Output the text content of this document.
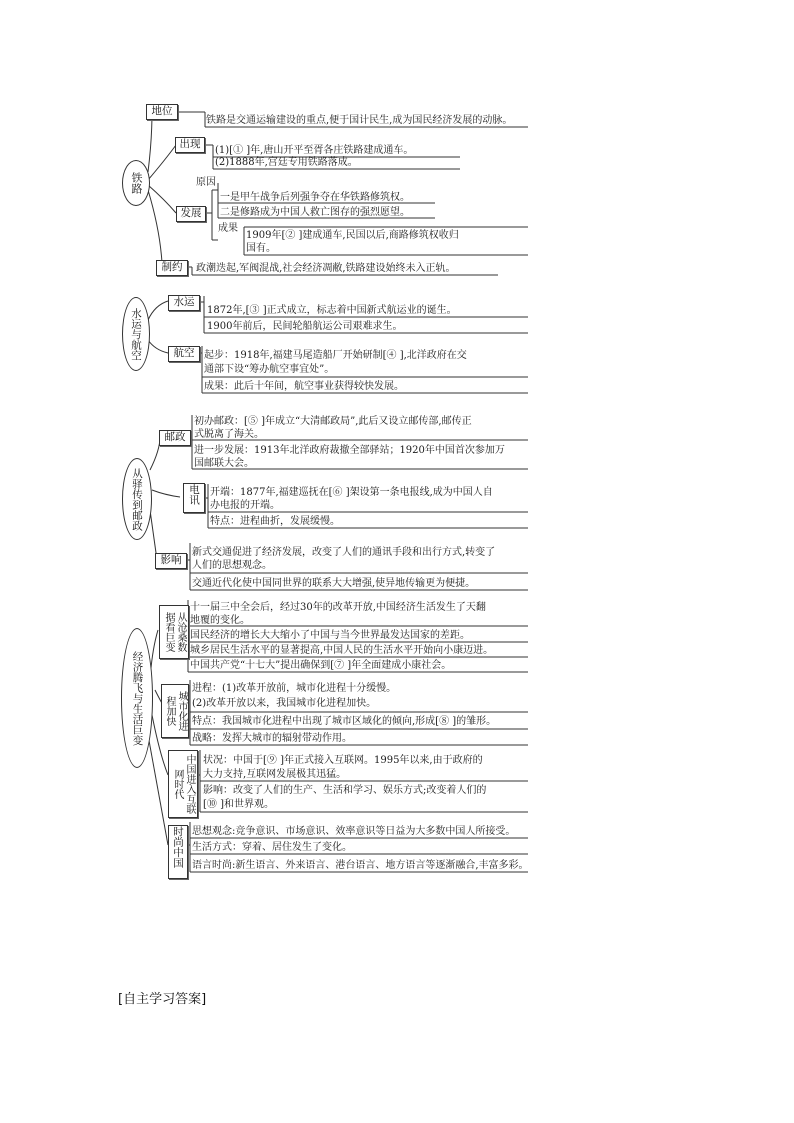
铁路
地位
铁路是交通运输建设的重点,便于国计民生,成为国民经济发展的动脉。
出现
(1)[① ]年,唐山开平至胥各庄铁路建成通车。
(2)1888年,宫廷专用铁路落成。
发展
原因
一是甲午战争后列强争夺在华铁路修筑权。
二是修路成为中国人救亡图存的强烈愿望。
成果
1909年[② ]建成通车,民国以后,商路修筑权收归
国有。
制约	政潮迭起,军阀混战,社会经济凋敝,铁路建设始终未入正轨。
水运与航空
水运
1872年,[③ ]正式成立，标志着中国新式航运业的诞生。
1900年前后，民间轮船航运公司艰难求生。
航空 起步：1918年,福建马尾造船厂开始研制[④ ],北洋政府在交
通部下设“筹办航空事宜处”。
成果：此后十年间，航空事业获得较快发展。
从驿传到邮政
邮政
初办邮政：[⑤ ]年成立“大清邮政局”,此后又设立邮传部,邮传正
式脱离了海关。
进一步发展：1913年北洋政府裁撤全部驿站；1920年中国首次参加万
国邮联大会。
电讯	开端：1877年,福建巡抚在[⑥ ]架设第一条电报线,成为中国人自
办电报的开端。
特点：进程曲折，发展缓慢。
影响
新式交通促进了经济发展，改变了人们的通讯手段和出行方式,转变了
人们的思想观念。
交通近代化使中国同世界的联系大大增强,使异地传输更为便捷。
经济腾飞与生活巨变
从沧桑数据看巨变
十一届三中全会后，经过30年的改革开放,中国经济生活发生了天翻
地覆的变化。
国民经济的增长大大缩小了中国与当今世界最发达国家的差距。
城乡居民生活水平的显著提高,中国人民的生活水平开始向小康迈进。
中国共产党“十七大”提出确保到[⑦ ]年全面建成小康社会。
城市化进程加快
进程：(1)改革开放前，城市化进程十分缓慢。
(2)改革开放以来，我国城市化进程加快。
特点：我国城市化进程中出现了城市区域化的倾向,形成[⑧ ]的雏形。
战略：发挥大城市的辐射带动作用。
中国进入互联网时代
状况：中国于[⑨ ]年正式接入互联网。1995年以来,由于政府的
大力支持,互联网发展极其迅猛。
影响：改变了人们的生产、生活和学习、娱乐方式;改变着人们的
[⑩ ]和世界观。
时尚中国 思想观念:竞争意识、市场意识、效率意识等日益为大多数中国人所接受。
生活方式：穿着、居住发生了变化。
语言时尚:新生语言、外来语言、港台语言、地方语言等逐渐融合,丰富多彩。
[自主学习答案]
